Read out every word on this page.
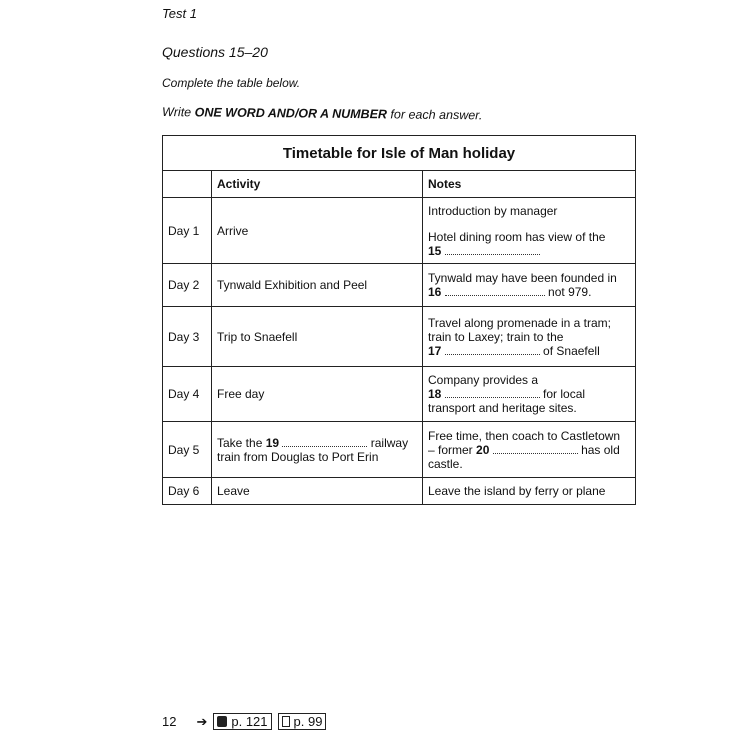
Test 1
Questions 15–20
Complete the table below.
Write ONE WORD AND/OR A NUMBER for each answer.
Timetable for Isle of Man holiday		
	Activity	Notes
Day 1	Arrive	Introduction by manager

Hotel dining room has view of the
15

Day 2	Tynwald Exhibition and Peel	Tynwald may have been founded in
16 not 979.

Day 3	Trip to Snaefell	Travel along promenade in a tram; train to Laxey; train to the
17 of Snaefell

Day 4	Free day	Company provides a
18 for local transport and heritage sites.

Day 5	Take the 19 railway train from Douglas to Port Erin	Free time, then coach to Castletown – former 20 has old castle.

Day 6	Leave	Leave the island by ferry or plane
12 ➔ p. 121 p. 99
